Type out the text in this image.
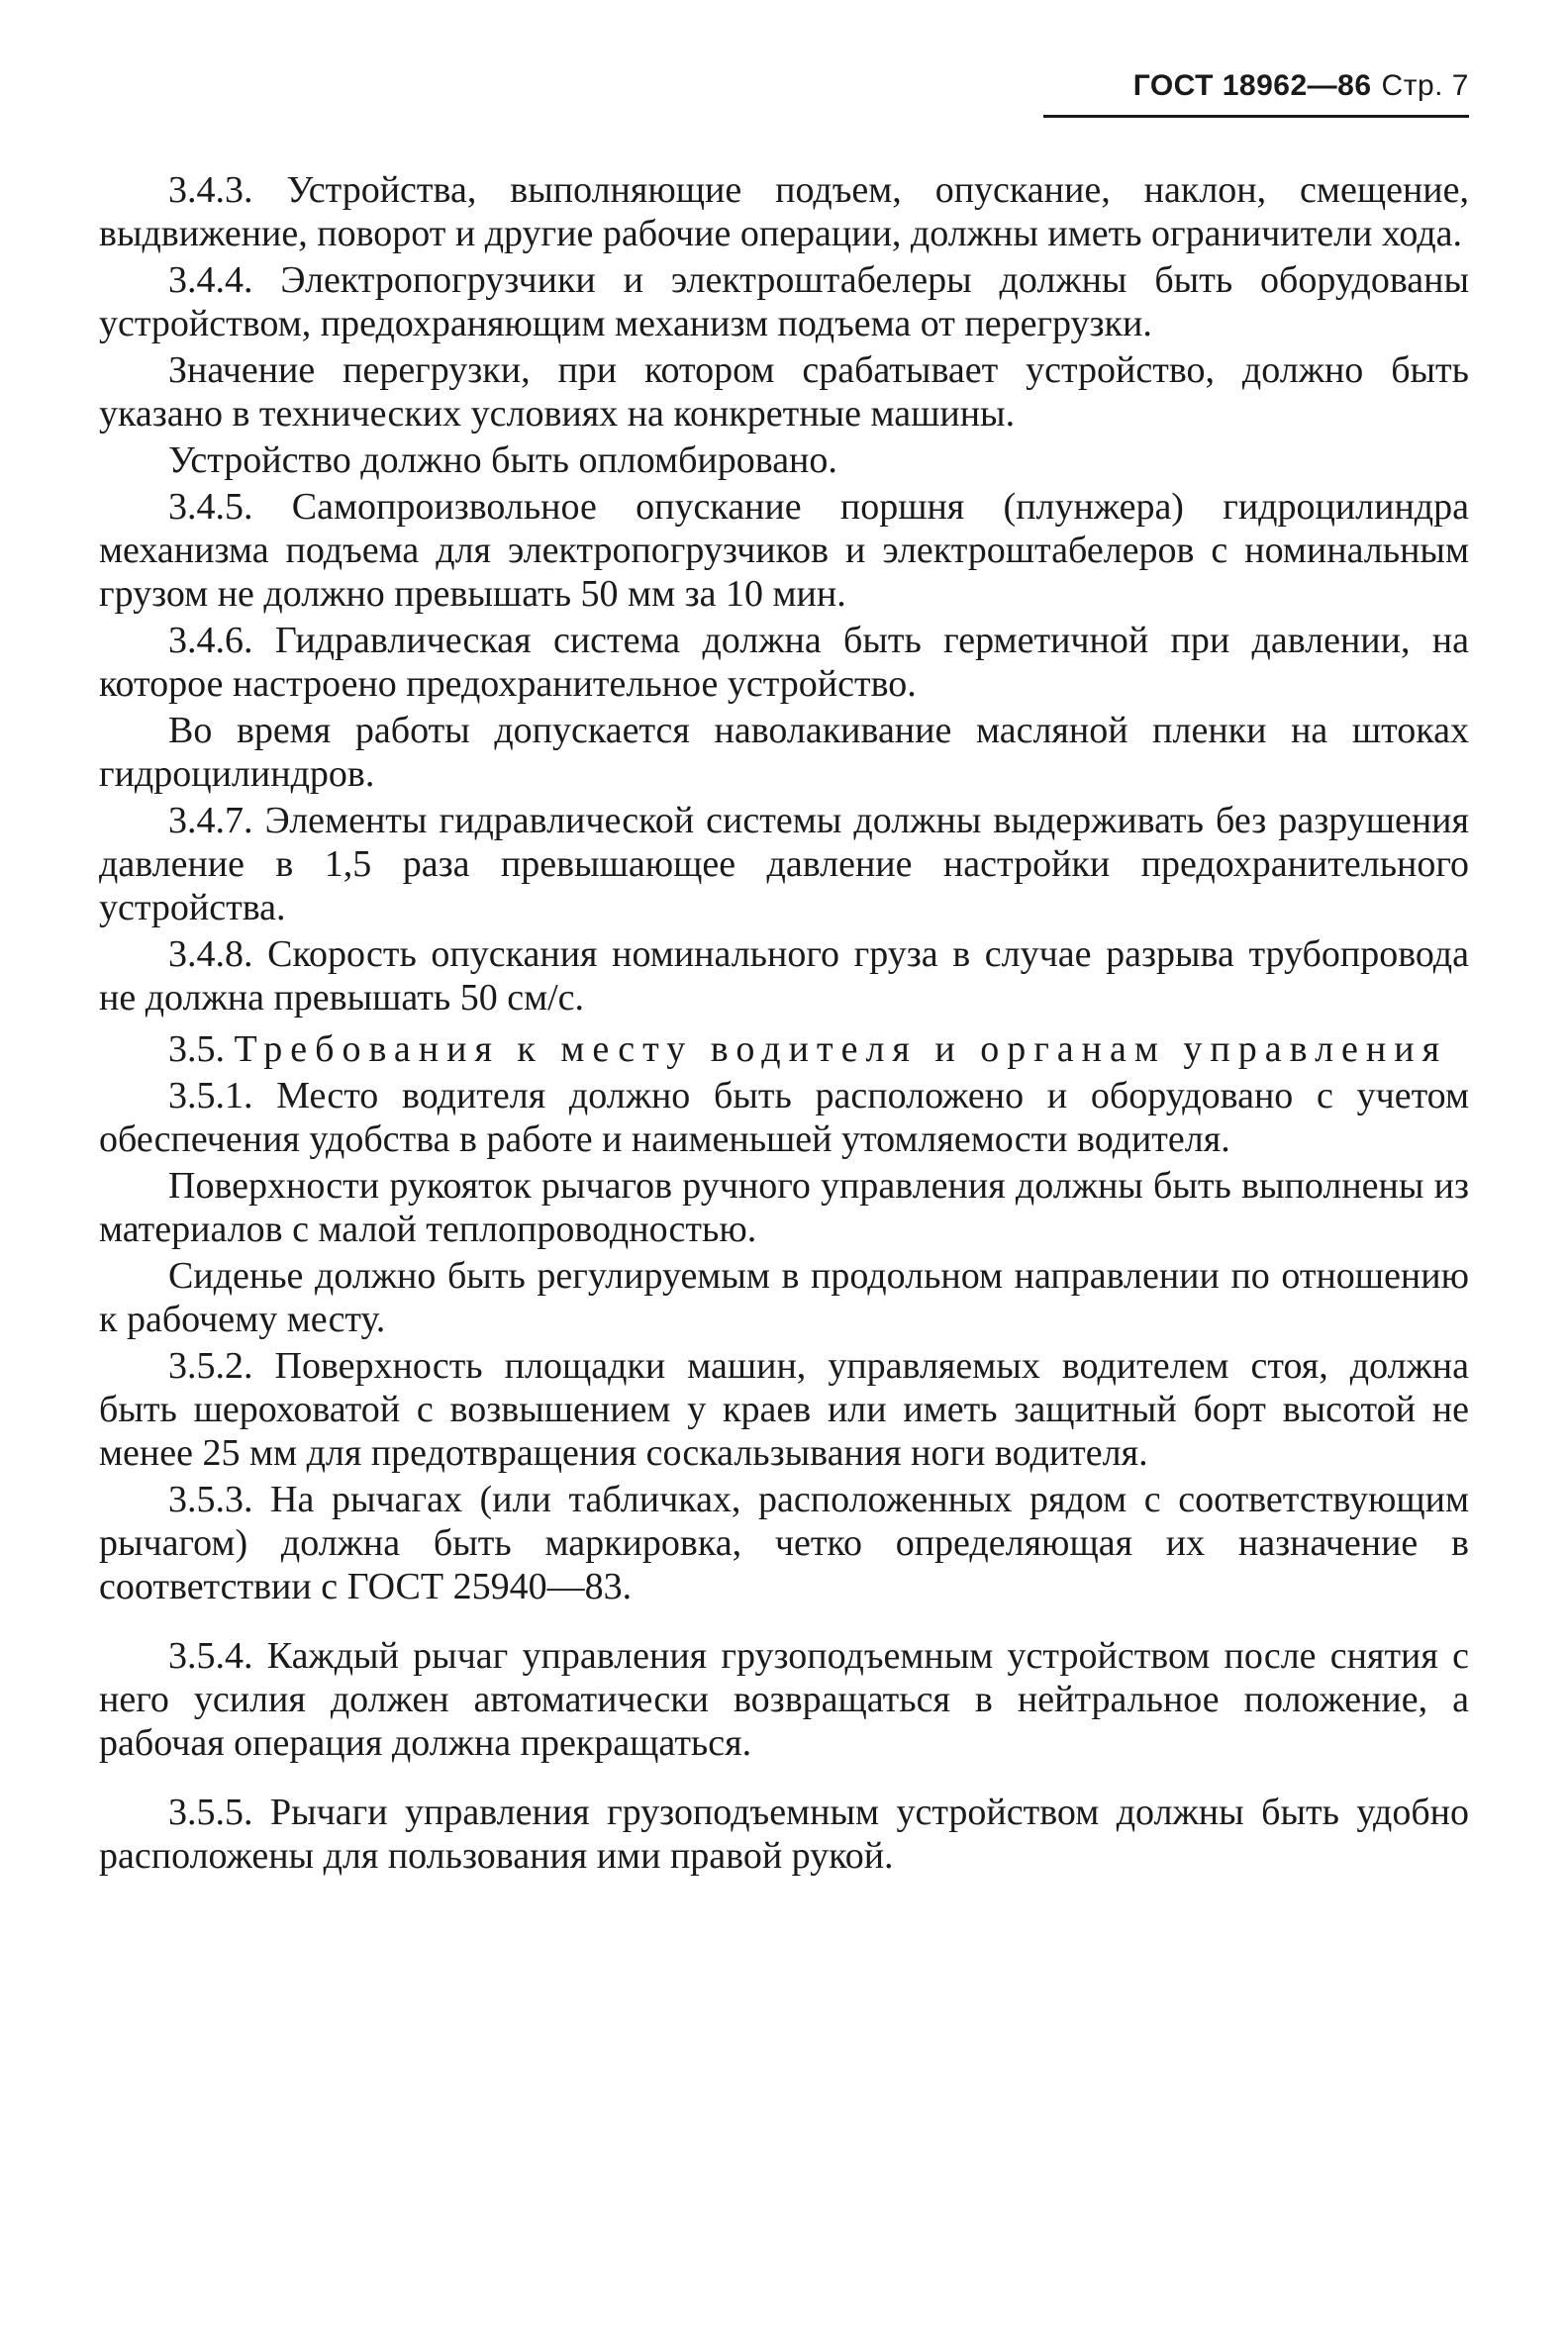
ГОСТ 18962—86 Стр. 7

3.4.3. Устройства, выполняющие подъем, опускание, наклон, смещение, выдвижение, поворот и другие рабочие операции, должны иметь ограничители хода.

3.4.4. Электропогрузчики и электроштабелеры должны быть оборудованы устройством, предохраняющим механизм подъема от перегрузки.

Значение перегрузки, при котором срабатывает устройство, должно быть указано в технических условиях на конкретные машины.

Устройство должно быть опломбировано.

3.4.5. Самопроизвольное опускание поршня (плунжера) гидроцилиндра механизма подъема для электропогрузчиков и электроштабелеров с номинальным грузом не должно превышать 50 мм за 10 мин.

3.4.6. Гидравлическая система должна быть герметичной при давлении, на которое настроено предохранительное устройство.

Во время работы допускается наволакивание масляной пленки на штоках гидроцилиндров.

3.4.7. Элементы гидравлической системы должны выдерживать без разрушения давление в 1,5 раза превышающее давление настройки предохранительного устройства.

3.4.8. Скорость опускания номинального груза в случае разрыва трубопровода не должна превышать 50 см/с.

3.5. Требования к месту водителя и органам управления

3.5.1. Место водителя должно быть расположено и оборудовано с учетом обеспечения удобства в работе и наименьшей утомляемости водителя.

Поверхности рукояток рычагов ручного управления должны быть выполнены из материалов с малой теплопроводностью.

Сиденье должно быть регулируемым в продольном направлении по отношению к рабочему месту.

3.5.2. Поверхность площадки машин, управляемых водителем стоя, должна быть шероховатой с возвышением у краев или иметь защитный борт высотой не менее 25 мм для предотвращения соскальзывания ноги водителя.

3.5.3. На рычагах (или табличках, расположенных рядом с соответствующим рычагом) должна быть маркировка, четко определяющая их назначение в соответствии с ГОСТ 25940—83.

3.5.4. Каждый рычаг управления грузоподъемным устройством после снятия с него усилия должен автоматически возвращаться в нейтральное положение, а рабочая операция должна прекращаться.

3.5.5. Рычаги управления грузоподъемным устройством должны быть удобно расположены для пользования ими правой рукой.
